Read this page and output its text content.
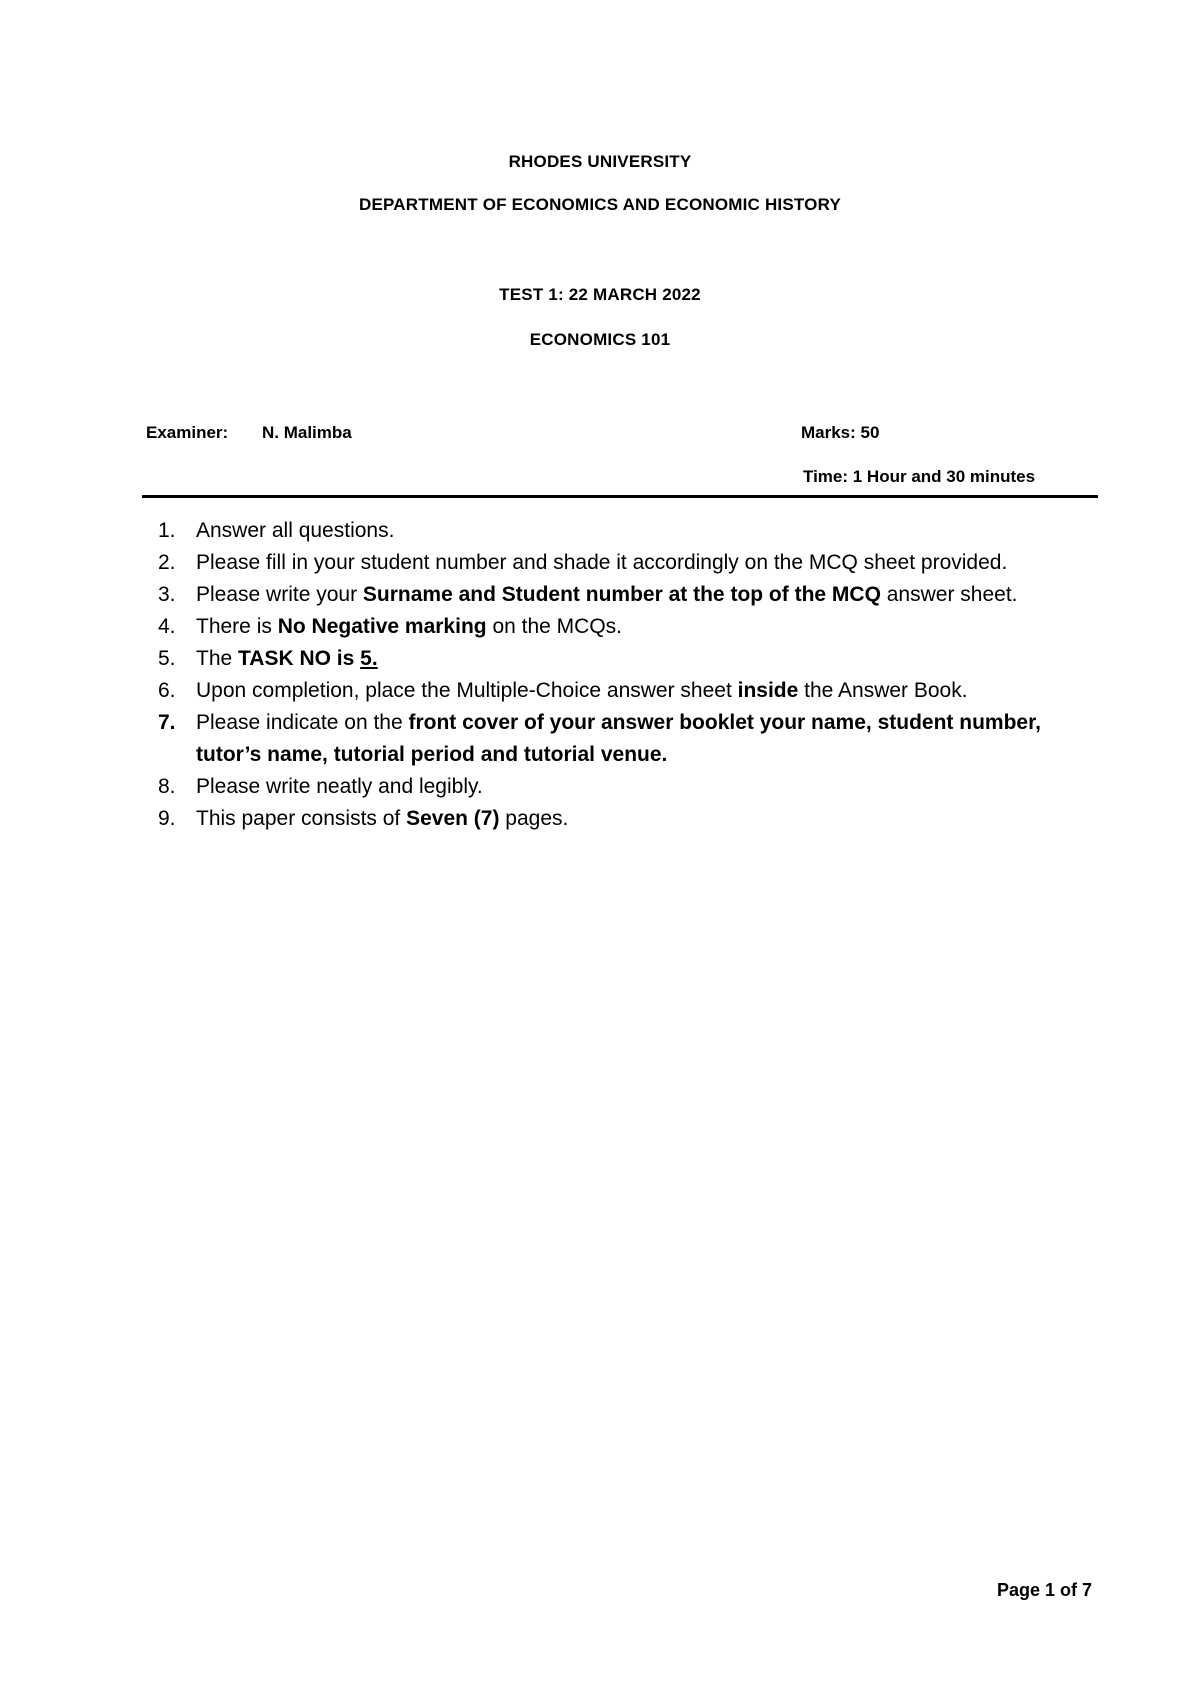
RHODES UNIVERSITY
DEPARTMENT OF ECONOMICS AND ECONOMIC HISTORY
TEST 1: 22 MARCH 2022
ECONOMICS 101
Examiner: N. Malimba	Marks: 50
Time: 1 Hour and 30 minutes
1. Answer all questions.
2. Please fill in your student number and shade it accordingly on the MCQ sheet provided.
3. Please write your Surname and Student number at the top of the MCQ answer sheet.
4. There is No Negative marking on the MCQs.
5. The TASK NO is 5.
6. Upon completion, place the Multiple-Choice answer sheet inside the Answer Book.
7. Please indicate on the front cover of your answer booklet your name, student number, tutor’s name, tutorial period and tutorial venue.
8. Please write neatly and legibly.
9. This paper consists of Seven (7) pages.
Page 1 of 7
